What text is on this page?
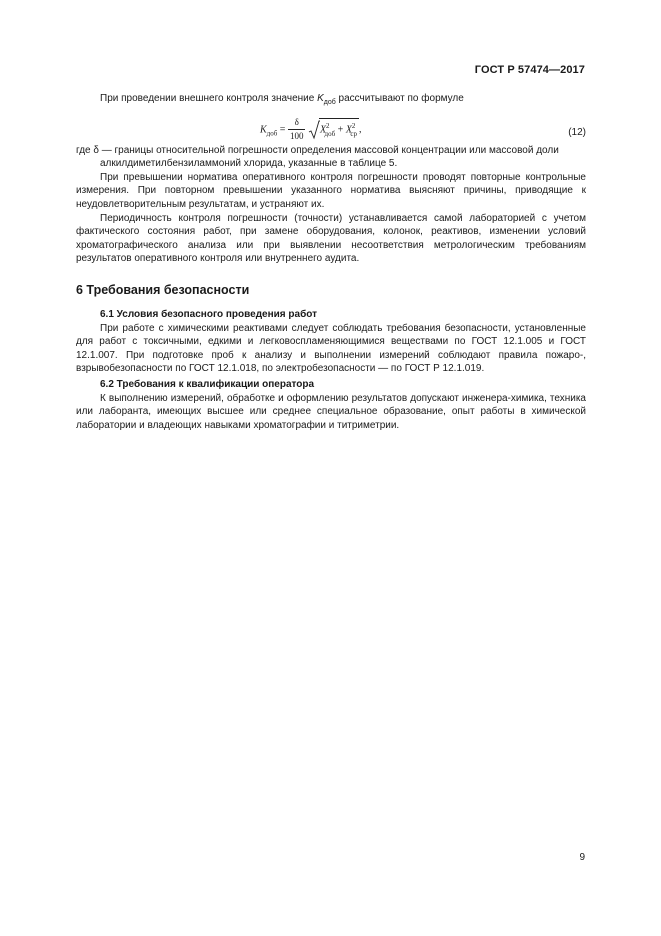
ГОСТ Р 57474—2017

При проведении внешнего контроля значение $K_{доб}$ рассчитывают по формуле

$K_{доб} = \frac{\delta}{100} X^2_{доб} + X^2_{ср}$ ,	(12)

где δ — границы относительной погрешности определения массовой концентрации или массовой доли

алкилдиметилбензиламмоний хлорида, указанные в таблице 5.

При превышении норматива оперативного контроля погрешности проводят повторные контрольные измерения. При повторном превышении указанного норматива выясняют причины, приводящие к неудовлетворительным результатам, и устраняют их.

Периодичность контроля погрешности (точности) устанавливается самой лабораторией с учетом фактического состояния работ, при замене оборудования, колонок, реактивов, изменении условий хроматографического анализа или при выявлении несоответствия метрологическим требованиям результатов оперативного контроля или внутреннего аудита.

6 Требования безопасности
6.1 Условия безопасного проведения работ

При работе с химическими реактивами следует соблюдать требования безопасности, установленные для работ с токсичными, едкими и легковоспламеняющимися веществами по ГОСТ 12.1.005 и ГОСТ 12.1.007. При подготовке проб к анализу и выполнении измерений соблюдают правила пожаро-, взрывобезопасности по ГОСТ 12.1.018, по электробезопасности — по ГОСТ Р 12.1.019.

6.2 Требования к квалификации оператора

К выполнению измерений, обработке и оформлению результатов допускают инженера-химика, техника или лаборанта, имеющих высшее или среднее специальное образование, опыт работы в химической лаборатории и владеющих навыками хроматографии и титриметрии.

9
